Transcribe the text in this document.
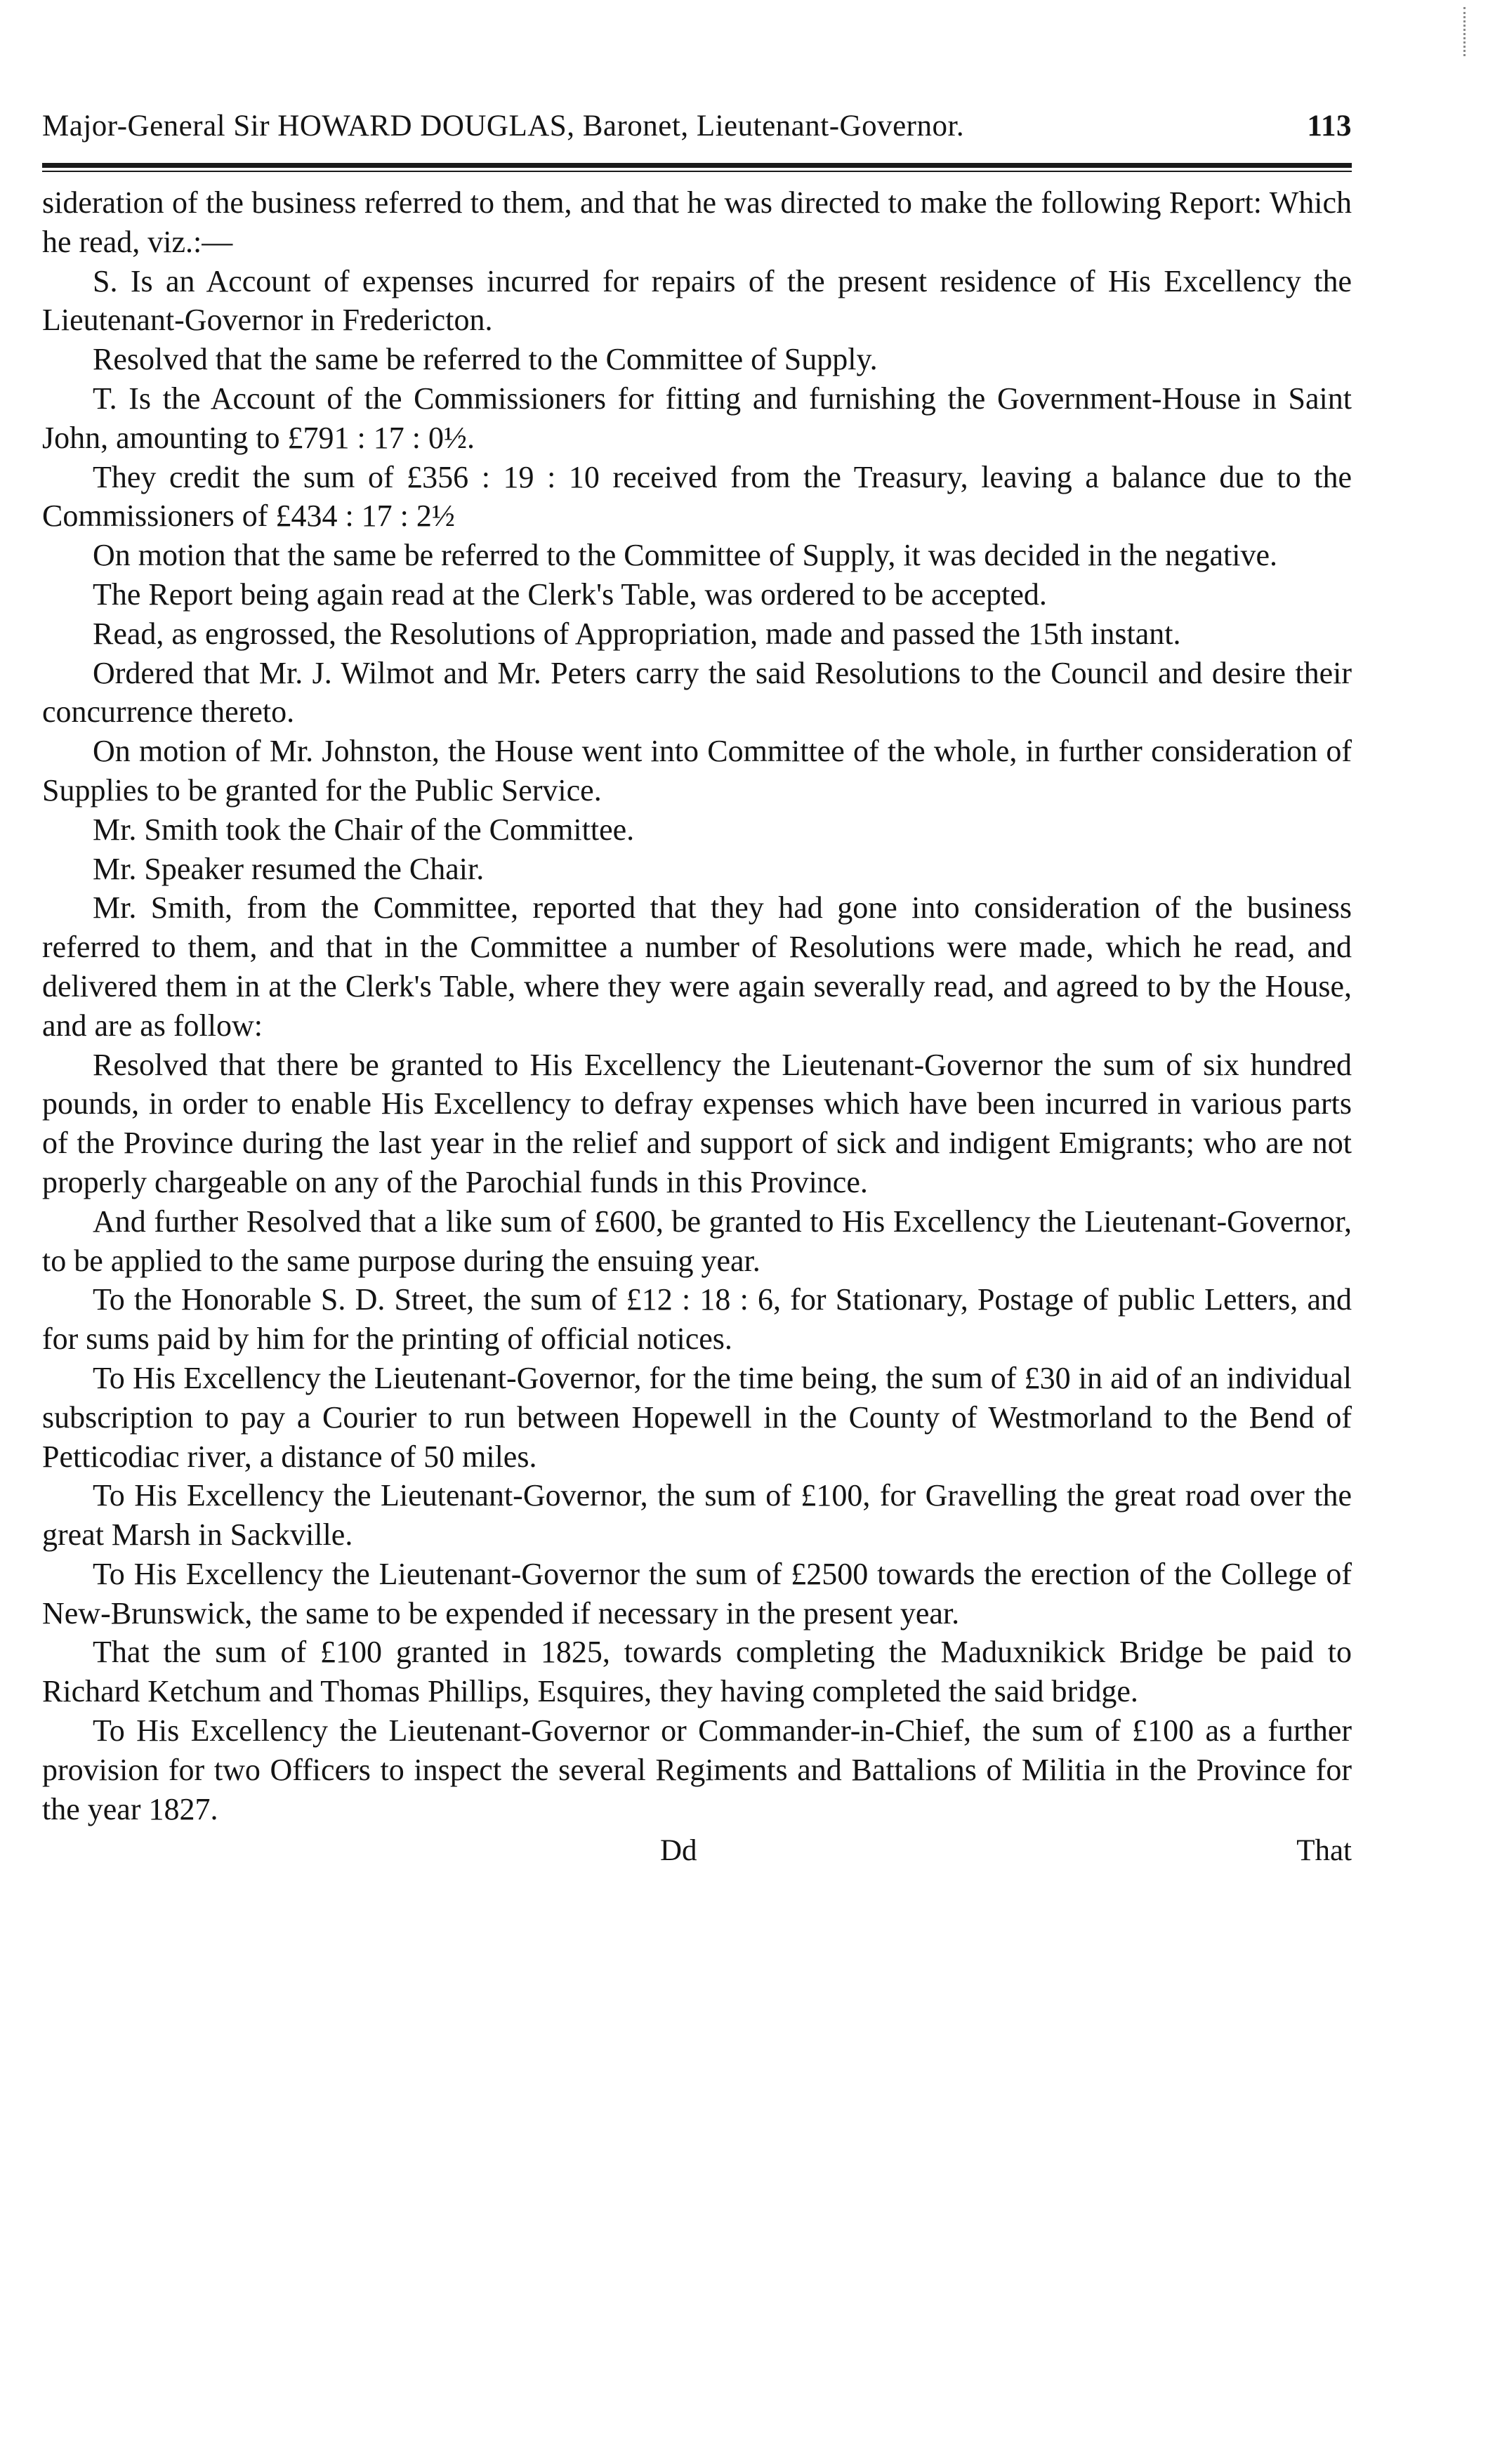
Major-General Sir HOWARD DOUGLAS, Baronet, Lieutenant-Governor.	113

sideration of the business referred to them, and that he was directed to make the following Report: Which he read, viz.:—

S. Is an Account of expenses incurred for repairs of the present residence of His Excellency the Lieutenant-Governor in Fredericton.

Resolved that the same be referred to the Committee of Supply.

T. Is the Account of the Commissioners for fitting and furnishing the Government-House in Saint John, amounting to £791 : 17 : 0½.

They credit the sum of £356 : 19 : 10 received from the Treasury, leaving a balance due to the Commissioners of £434 : 17 : 2½

On motion that the same be referred to the Committee of Supply, it was decided in the negative.

The Report being again read at the Clerk's Table, was ordered to be accepted.

Read, as engrossed, the Resolutions of Appropriation, made and passed the 15th instant.

Ordered that Mr. J. Wilmot and Mr. Peters carry the said Resolutions to the Council and desire their concurrence thereto.

On motion of Mr. Johnston, the House went into Committee of the whole, in further consideration of Supplies to be granted for the Public Service.

Mr. Smith took the Chair of the Committee.

Mr. Speaker resumed the Chair.

Mr. Smith, from the Committee, reported that they had gone into consideration of the business referred to them, and that in the Committee a number of Resolutions were made, which he read, and delivered them in at the Clerk's Table, where they were again severally read, and agreed to by the House, and are as follow:

Resolved that there be granted to His Excellency the Lieutenant-Governor the sum of six hundred pounds, in order to enable His Excellency to defray expenses which have been incurred in various parts of the Province during the last year in the relief and support of sick and indigent Emigrants; who are not properly chargeable on any of the Parochial funds in this Province.

And further Resolved that a like sum of £600, be granted to His Excellency the Lieutenant-Governor, to be applied to the same purpose during the ensuing year.

To the Honorable S. D. Street, the sum of £12 : 18 : 6, for Stationary, Postage of public Letters, and for sums paid by him for the printing of official notices.

To His Excellency the Lieutenant-Governor, for the time being, the sum of £30 in aid of an individual subscription to pay a Courier to run between Hopewell in the County of Westmorland to the Bend of Petticodiac river, a distance of 50 miles.

To His Excellency the Lieutenant-Governor, the sum of £100, for Gravelling the great road over the great Marsh in Sackville.

To His Excellency the Lieutenant-Governor the sum of £2500 towards the erection of the College of New-Brunswick, the same to be expended if necessary in the present year.

That the sum of £100 granted in 1825, towards completing the Maduxnikick Bridge be paid to Richard Ketchum and Thomas Phillips, Esquires, they having completed the said bridge.

To His Excellency the Lieutenant-Governor or Commander-in-Chief, the sum of £100 as a further provision for two Officers to inspect the several Regiments and Battalions of Militia in the Province for the year 1827.

Dd	That
